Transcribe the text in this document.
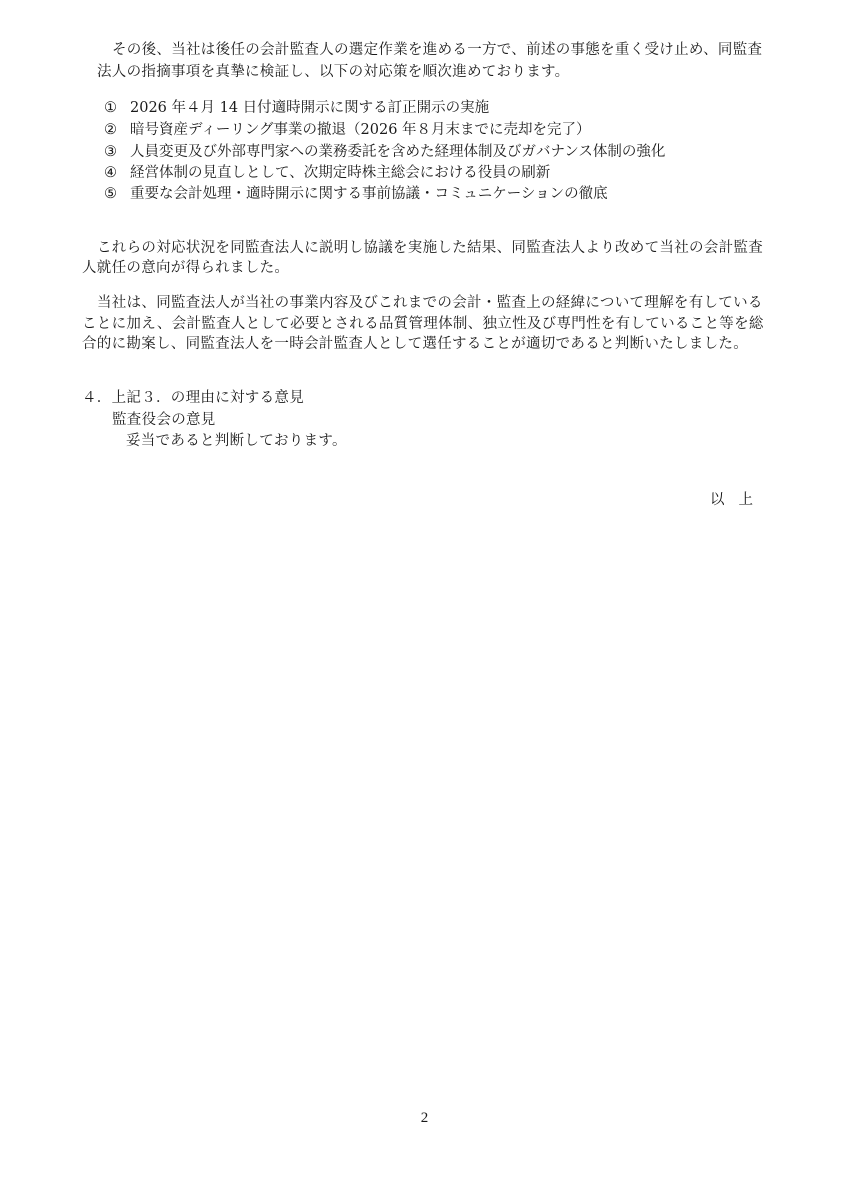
その後、当社は後任の会計監査人の選定作業を進める一方で、前述の事態を重く受け止め、同監査
法人の指摘事項を真摯に検証し、以下の対応策を順次進めております。
① 2026 年４月 14 日付適時開示に関する訂正開示の実施
② 暗号資産ディーリング事業の撤退（2026 年８月末までに売却を完了）
③ 人員変更及び外部専門家への業務委託を含めた経理体制及びガバナンス体制の強化
④ 経営体制の見直しとして、次期定時株主総会における役員の刷新
⑤ 重要な会計処理・適時開示に関する事前協議・コミュニケーションの徹底
これらの対応状況を同監査法人に説明し協議を実施した結果、同監査法人より改めて当社の会計監査
人就任の意向が得られました。
当社は、同監査法人が当社の事業内容及びこれまでの会計・監査上の経緯について理解を有している
ことに加え、会計監査人として必要とされる品質管理体制、独立性及び専門性を有していること等を総
合的に勘案し、同監査法人を一時会計監査人として選任することが適切であると判断いたしました。
４．上記３．の理由に対する意見
監査役会の意見
妥当であると判断しております。
以上
2
